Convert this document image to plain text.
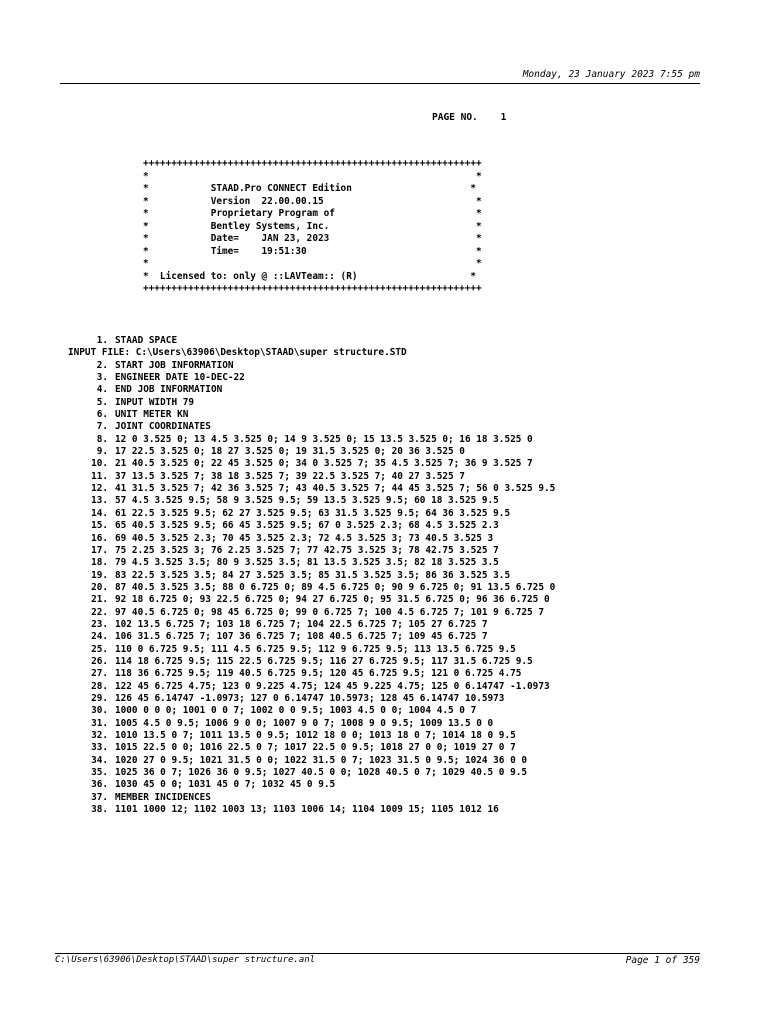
Monday, 23 January 2023 7:55 pm
PAGE NO.    1
++++++++++++++++++++++++++++++++++++++++++++++++++++++++++++
*                                                          *
*           STAAD.Pro CONNECT Edition                     *
*           Version  22.00.00.15                           *
*           Proprietary Program of                         *
*           Bentley Systems, Inc.                          *
*           Date=    JAN 23, 2023                          *
*           Time=    19:51:30                              *
*                                                          *
*  Licensed to: only @ ::LAVTeam:: (R)                    *
++++++++++++++++++++++++++++++++++++++++++++++++++++++++++++
1. STAAD SPACE
INPUT FILE: C:\Users\63906\Desktop\STAAD\super structure.STD
2. START JOB INFORMATION
3. ENGINEER DATE 10-DEC-22
4. END JOB INFORMATION
5. INPUT WIDTH 79
6. UNIT METER KN
7. JOINT COORDINATES
8. 12 0 3.525 0; 13 4.5 3.525 0; 14 9 3.525 0; 15 13.5 3.525 0; 16 18 3.525 0
9. 17 22.5 3.525 0; 18 27 3.525 0; 19 31.5 3.525 0; 20 36 3.525 0
10. 21 40.5 3.525 0; 22 45 3.525 0; 34 0 3.525 7; 35 4.5 3.525 7; 36 9 3.525 7
11. 37 13.5 3.525 7; 38 18 3.525 7; 39 22.5 3.525 7; 40 27 3.525 7
12. 41 31.5 3.525 7; 42 36 3.525 7; 43 40.5 3.525 7; 44 45 3.525 7; 56 0 3.525 9.5
13. 57 4.5 3.525 9.5; 58 9 3.525 9.5; 59 13.5 3.525 9.5; 60 18 3.525 9.5
14. 61 22.5 3.525 9.5; 62 27 3.525 9.5; 63 31.5 3.525 9.5; 64 36 3.525 9.5
15. 65 40.5 3.525 9.5; 66 45 3.525 9.5; 67 0 3.525 2.3; 68 4.5 3.525 2.3
16. 69 40.5 3.525 2.3; 70 45 3.525 2.3; 72 4.5 3.525 3; 73 40.5 3.525 3
17. 75 2.25 3.525 3; 76 2.25 3.525 7; 77 42.75 3.525 3; 78 42.75 3.525 7
18. 79 4.5 3.525 3.5; 80 9 3.525 3.5; 81 13.5 3.525 3.5; 82 18 3.525 3.5
19. 83 22.5 3.525 3.5; 84 27 3.525 3.5; 85 31.5 3.525 3.5; 86 36 3.525 3.5
20. 87 40.5 3.525 3.5; 88 0 6.725 0; 89 4.5 6.725 0; 90 9 6.725 0; 91 13.5 6.725 0
21. 92 18 6.725 0; 93 22.5 6.725 0; 94 27 6.725 0; 95 31.5 6.725 0; 96 36 6.725 0
22. 97 40.5 6.725 0; 98 45 6.725 0; 99 0 6.725 7; 100 4.5 6.725 7; 101 9 6.725 7
23. 102 13.5 6.725 7; 103 18 6.725 7; 104 22.5 6.725 7; 105 27 6.725 7
24. 106 31.5 6.725 7; 107 36 6.725 7; 108 40.5 6.725 7; 109 45 6.725 7
25. 110 0 6.725 9.5; 111 4.5 6.725 9.5; 112 9 6.725 9.5; 113 13.5 6.725 9.5
26. 114 18 6.725 9.5; 115 22.5 6.725 9.5; 116 27 6.725 9.5; 117 31.5 6.725 9.5
27. 118 36 6.725 9.5; 119 40.5 6.725 9.5; 120 45 6.725 9.5; 121 0 6.725 4.75
28. 122 45 6.725 4.75; 123 0 9.225 4.75; 124 45 9.225 4.75; 125 0 6.14747 -1.0973
29. 126 45 6.14747 -1.0973; 127 0 6.14747 10.5973; 128 45 6.14747 10.5973
30. 1000 0 0 0; 1001 0 0 7; 1002 0 0 9.5; 1003 4.5 0 0; 1004 4.5 0 7
31. 1005 4.5 0 9.5; 1006 9 0 0; 1007 9 0 7; 1008 9 0 9.5; 1009 13.5 0 0
32. 1010 13.5 0 7; 1011 13.5 0 9.5; 1012 18 0 0; 1013 18 0 7; 1014 18 0 9.5
33. 1015 22.5 0 0; 1016 22.5 0 7; 1017 22.5 0 9.5; 1018 27 0 0; 1019 27 0 7
34. 1020 27 0 9.5; 1021 31.5 0 0; 1022 31.5 0 7; 1023 31.5 0 9.5; 1024 36 0 0
35. 1025 36 0 7; 1026 36 0 9.5; 1027 40.5 0 0; 1028 40.5 0 7; 1029 40.5 0 9.5
36. 1030 45 0 0; 1031 45 0 7; 1032 45 0 9.5
37. MEMBER INCIDENCES
38. 1101 1000 12; 1102 1003 13; 1103 1006 14; 1104 1009 15; 1105 1012 16
C:\Users\63906\Desktop\STAAD\super structure.anl	Page 1 of 359
